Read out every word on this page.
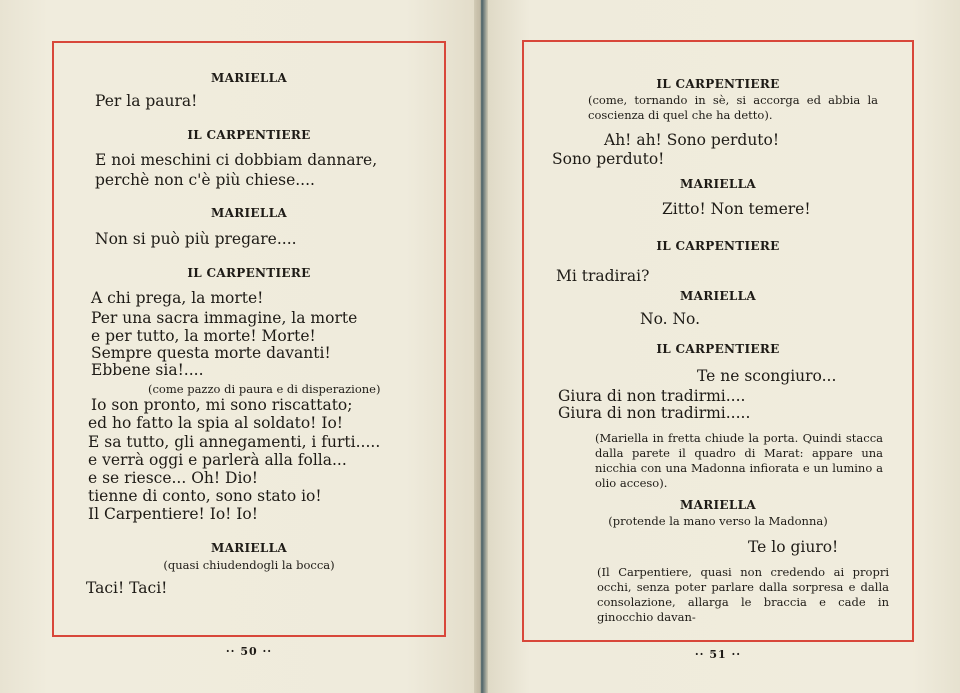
MARIELLA
Per la paura!
IL CARPENTIERE
E noi meschini ci dobbiam dannare,
perchè non c'è più chiese....
MARIELLA
Non si può più pregare....
IL CARPENTIERE
A chi prega, la morte!
Per una sacra immagine, la morte
e per tutto, la morte! Morte!
Sempre questa morte davanti!
Ebbene sia!....
(come pazzo di paura e di disperazione)
Io son pronto, mi sono riscattato;
ed ho fatto la spia al soldato! Io!
E sa tutto, gli annegamenti, i furti.....
e verrà oggi e parlerà alla folla...
e se riesce... Oh! Dio!
tienne di conto, sono stato io!
Il Carpentiere! Io! Io!
MARIELLA
(quasi chiudendogli la bocca)
Taci! Taci!
·· 50 ··
IL CARPENTIERE
(come, tornando in sè, si accorga ed abbia la coscienza di quel che ha detto).
Ah! ah! Sono perduto!
Sono perduto!
MARIELLA
Zitto! Non temere!
IL CARPENTIERE
Mi tradirai?
MARIELLA
No. No.
IL CARPENTIERE
Te ne scongiuro...
Giura di non tradirmi....
Giura di non tradirmi.....
(Mariella in fretta chiude la porta. Quindi stacca dalla parete il quadro di Marat: appare una nicchia con una Madonna infiorata e un lumino a olio acceso).
MARIELLA
(protende la mano verso la Madonna)
Te lo giuro!
(Il Carpentiere, quasi non credendo ai propri occhi, senza poter parlare dalla sorpresa e dalla consolazione, allarga le braccia e cade in ginocchio davan-
·· 51 ··
